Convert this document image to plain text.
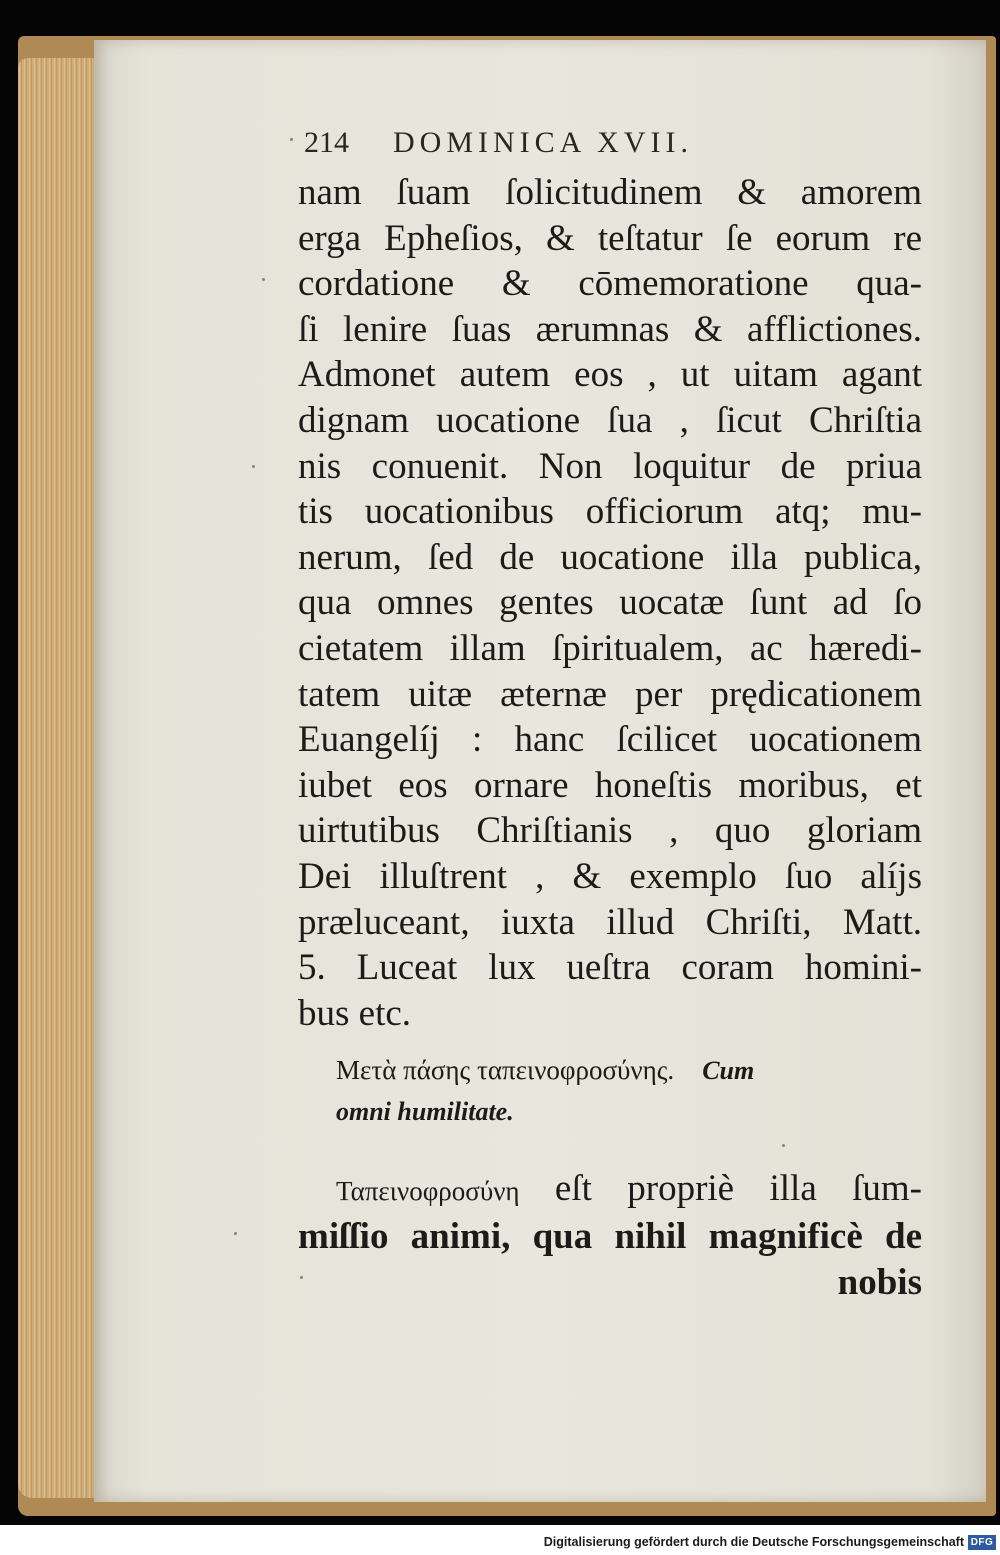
214 DOMINICA XVII.
nam ſuam ſolicitudinem & amorem
erga Epheſios, & teſtatur ſe eorum re
cordatione & cōmemoratione qua-
ſi lenire ſuas ærumnas & afflictiones.
Admonet autem eos , ut uitam agant
dignam uocatione ſua , ſicut Chriſtia
nis conuenit. Non loquitur de priua
tis uocationibus officiorum atq; mu-
nerum, ſed de uocatione illa publica,
qua omnes gentes uocatæ ſunt ad ſo
cietatem illam ſpiritualem, ac hæredi-
tatem uitæ æternæ per prędicationem
Euangelíj : hanc ſcilicet uocationem
iubet eos ornare honeſtis moribus, et
uirtutibus Chriſtianis , quo gloriam
Dei illuſtrent , & exemplo ſuo alíjs
præluceant, iuxta illud Chriſti, Matt.
5. Luceat lux ueſtra coram homini-
bus etc.
Μετὰ πάσης ταπεινοφροσύνης. Cum
omni humilitate.
Ταπεινοφροσύνη eſt propriè illa ſum-
miſſio animi, qua nihil magnificè de
nobis
Digitalisierung gefördert durch die Deutsche Forschungsgemeinschaft DFG
